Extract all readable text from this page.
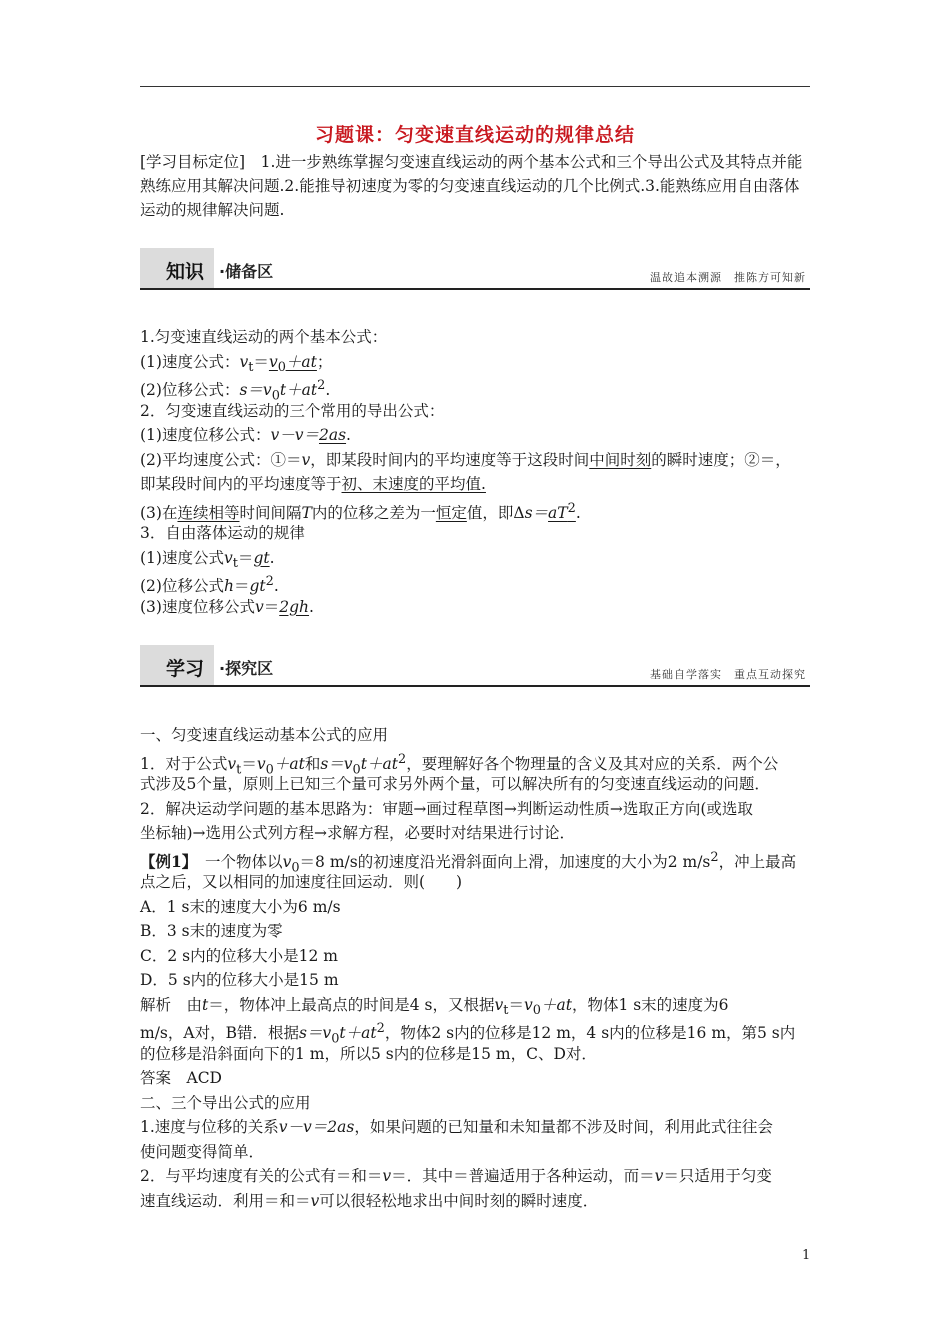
习题课：匀变速直线运动的规律总结

[学习目标定位]　1.进一步熟练掌握匀变速直线运动的两个基本公式和三个导出公式及其特点并能熟练应用其解决问题.2.能推导初速度为零的匀变速直线运动的几个比例式.3.能熟练应用自由落体运动的规律解决问题.

知识 ·储备区	温故追本溯源　推陈方可知新
1.匀变速直线运动的两个基本公式：
(1)速度公式：$v_t=v_0+at$；
(2)位移公式：$s=v_0t+at^2$.
2．匀变速直线运动的三个常用的导出公式：
(1)速度位移公式：v－v＝2as.
(2)平均速度公式：①＝v，即某段时间内的平均速度等于这段时间中间时刻的瞬时速度；②＝，
即某段时间内的平均速度等于初、末速度的平均值.
(3)在连续相等时间间隔T内的位移之差为一恒定值，即$\Delta s=aT^2$.
3．自由落体运动的规律
(1)速度公式$v_t=gt$.
(2)位移公式$h=gt^2$.
(3)速度位移公式v＝2gh.
学习 ·探究区	基础自学落实　重点互动探究
一、匀变速直线运动基本公式的应用
1．对于公式$v_t=v_0+at$和$s=v_0t+at^2$，要理解好各个物理量的含义及其对应的关系．两个公
式涉及5个量，原则上已知三个量可求另外两个量，可以解决所有的匀变速直线运动的问题．
2．解决运动学问题的基本思路为：审题→画过程草图→判断运动性质→选取正方向(或选取
坐标轴)→选用公式列方程→求解方程，必要时对结果进行讨论．
【例1】　一个物体以$v_0=8$ m/s的初速度沿光滑斜面向上滑，加速度的大小为2 $m/s^2$，冲上最高
点之后，又以相同的加速度往回运动．则(　　)
A．1 s末的速度大小为6 m/s
B．3 s末的速度为零
C．2 s内的位移大小是12 m
D．5 s内的位移大小是15 m
解析　由t＝，物体冲上最高点的时间是4 s，又根据$v_t=v_0+at$，物体1 s末的速度为6
m/s，A对，B错．根据$s=v_0t+at^2$，物体2 s内的位移是12 m，4 s内的位移是16 m，第5 s内
的位移是沿斜面向下的1 m，所以5 s内的位移是15 m，C、D对．
答案　ACD
二、三个导出公式的应用
1.速度与位移的关系v－v＝2as，如果问题的已知量和未知量都不涉及时间，利用此式往往会
使问题变得简单．
2．与平均速度有关的公式有＝和＝v＝．其中＝普遍适用于各种运动，而＝v＝只适用于匀变
速直线运动．利用＝和＝v可以很轻松地求出中间时刻的瞬时速度．
1
